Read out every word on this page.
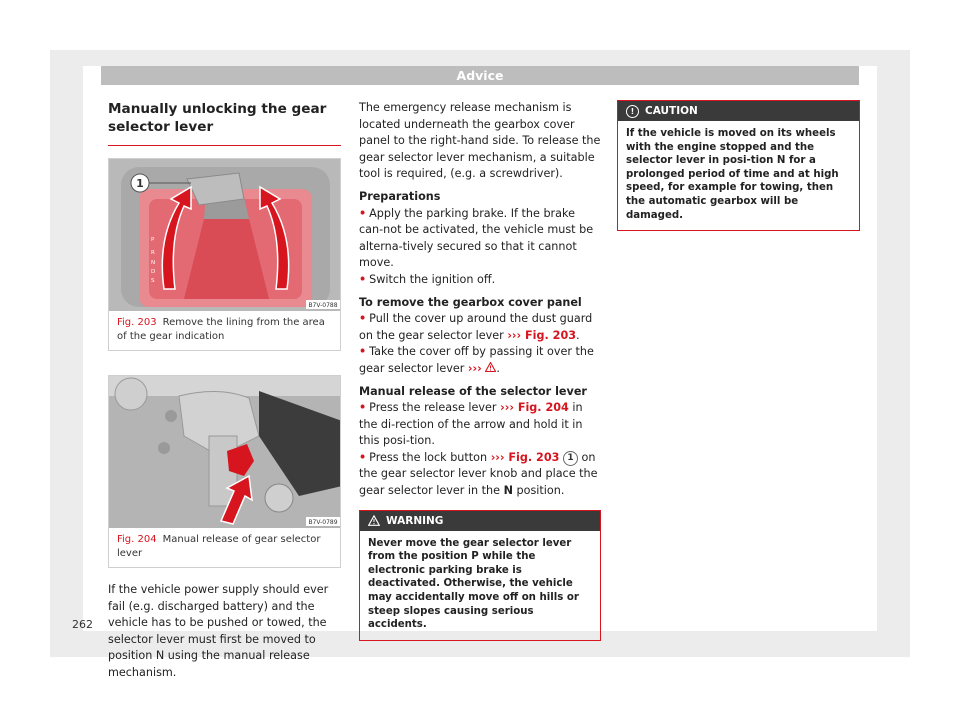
Advice
Manually unlocking the gear selector lever
1
P
R
N
D
S
B7V-0788
Fig. 203 Remove the lining from the area of the gear indication
B7V-0789
Fig. 204 Manual release of gear selector lever

If the vehicle power supply should ever fail (e.g. discharged battery) and the vehicle has to be pushed or towed, the selector lever must first be moved to position N using the manual release mechanism.

The emergency release mechanism is located underneath the gearbox cover panel to the right-hand side. To release the gear selector lever mechanism, a suitable tool is required, (e.g. a screwdriver).

Preparations

• Apply the parking brake. If the brake can-not be activated, the vehicle must be alterna-tively secured so that it cannot move.

• Switch the ignition off.

To remove the gearbox cover panel

• Pull the cover up around the dust guard on the gear selector lever ››› Fig. 203.

• Take the cover off by passing it over the gear selector lever ››› .

Manual release of the selector lever

• Press the release lever ››› Fig. 204 in the di-rection of the arrow and hold it in this posi-tion.

• Press the lock button ››› Fig. 203 1 on the gear selector lever knob and place the gear selector lever in the N position.

WARNING
Never move the gear selector lever from the position P while the electronic parking brake is deactivated. Otherwise, the vehicle may accidentally move off on hills or steep slopes causing serious accidents.
!	CAUTION
If the vehicle is moved on its wheels with the engine stopped and the selector lever in posi-tion N for a prolonged period of time and at high speed, for example for towing, then the automatic gearbox will be damaged.
262
